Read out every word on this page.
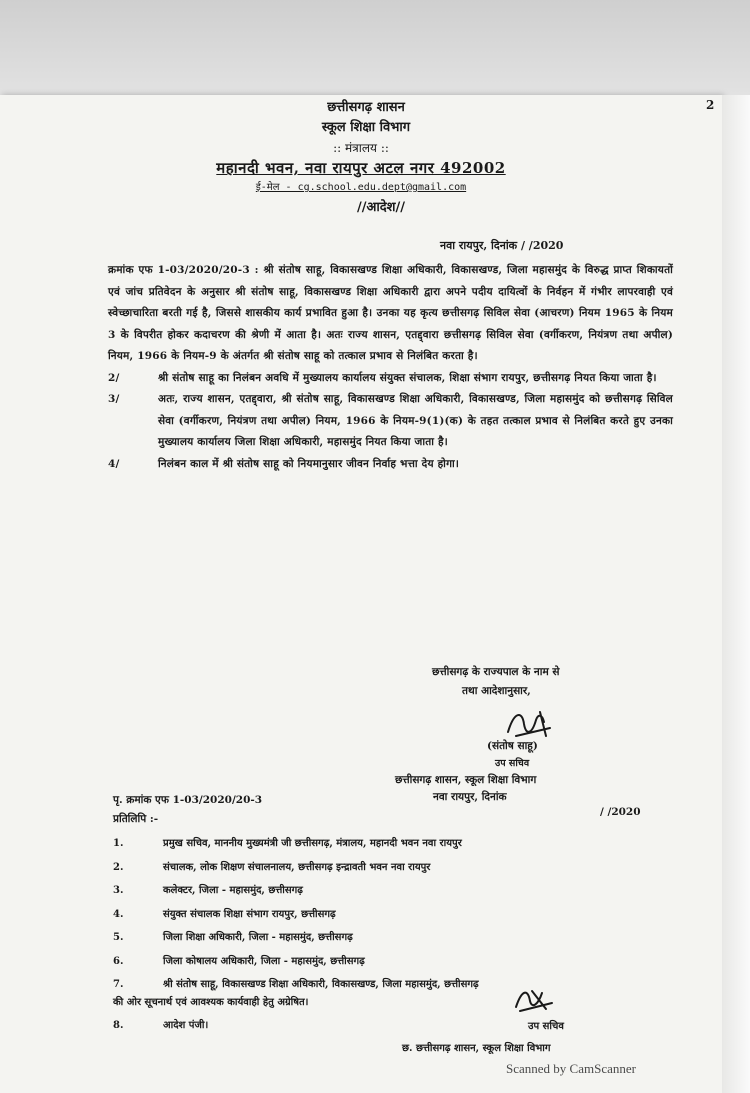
2
छत्तीसगढ़ शासन
स्कूल शिक्षा विभाग
:: मंत्रालय ::
महानदी भवन, नवा रायपुर अटल नगर 492002
ई-मेल - cg.school.edu.dept@gmail.com
//आदेश//
नवा रायपुर, दिनांक / /2020

क्रमांक एफ 1-03/2020/20-3 : श्री संतोष साहू, विकासखण्ड शिक्षा अधिकारी, विकासखण्ड, जिला महासमुंद के विरुद्ध प्राप्त शिकायतों एवं जांच प्रतिवेदन के अनुसार श्री संतोष साहू, विकासखण्ड शिक्षा अधिकारी द्वारा अपने पदीय दायित्वों के निर्वहन में गंभीर लापरवाही एवं स्वेच्छाचारिता बरती गई है, जिससे शासकीय कार्य प्रभावित हुआ है। उनका यह कृत्य छत्तीसगढ़ सिविल सेवा (आचरण) नियम 1965 के नियम 3 के विपरीत होकर कदाचरण की श्रेणी में आता है। अतः राज्य शासन, एतद्द्वारा छत्तीसगढ़ सिविल सेवा (वर्गीकरण, नियंत्रण तथा अपील) नियम, 1966 के नियम-9 के अंतर्गत श्री संतोष साहू को तत्काल प्रभाव से निलंबित करता है।

2/	श्री संतोष साहू का निलंबन अवधि में मुख्यालय कार्यालय संयुक्त संचालक, शिक्षा संभाग रायपुर, छत्तीसगढ़ नियत किया जाता है।
3/	अतः, राज्य शासन, एतद्द्वारा, श्री संतोष साहू, विकासखण्ड शिक्षा अधिकारी, विकासखण्ड, जिला महासमुंद को छत्तीसगढ़ सिविल सेवा (वर्गीकरण, नियंत्रण तथा अपील) नियम, 1966 के नियम-9(1)(क) के तहत तत्काल प्रभाव से निलंबित करते हुए उनका मुख्यालय कार्यालय जिला शिक्षा अधिकारी, महासमुंद नियत किया जाता है।
4/	निलंबन काल में श्री संतोष साहू को नियमानुसार जीवन निर्वाह भत्ता देय होगा।
छत्तीसगढ़ के राज्यपाल के नाम से
तथा आदेशानुसार,
(संतोष साहू)
उप सचिव
छत्तीसगढ़ शासन, स्कूल शिक्षा विभाग
नवा रायपुर, दिनांक
पृ. क्रमांक एफ 1-03/2020/20-3
/ /2020
प्रतिलिपि :-
1.	प्रमुख सचिव, माननीय मुख्यमंत्री जी छत्तीसगढ़, मंत्रालय, महानदी भवन नवा रायपुर
2.	संचालक, लोक शिक्षण संचालनालय, छत्तीसगढ़ इन्द्रावती भवन नवा रायपुर
3.	कलेक्टर, जिला - महासमुंद, छत्तीसगढ़
4.	संयुक्त संचालक शिक्षा संभाग रायपुर, छत्तीसगढ़
5.	जिला शिक्षा अधिकारी, जिला - महासमुंद, छत्तीसगढ़
6.	जिला कोषालय अधिकारी, जिला - महासमुंद, छत्तीसगढ़
7.	श्री संतोष साहू, विकासखण्ड शिक्षा अधिकारी, विकासखण्ड, जिला महासमुंद, छत्तीसगढ़
की ओर सूचनार्थ एवं आवश्यक कार्यवाही हेतु अग्रेषित।
8.	आदेश पंजी।	उप सचिव
छ. छत्तीसगढ़ शासन, स्कूल शिक्षा विभाग
Scanned by CamScanner
